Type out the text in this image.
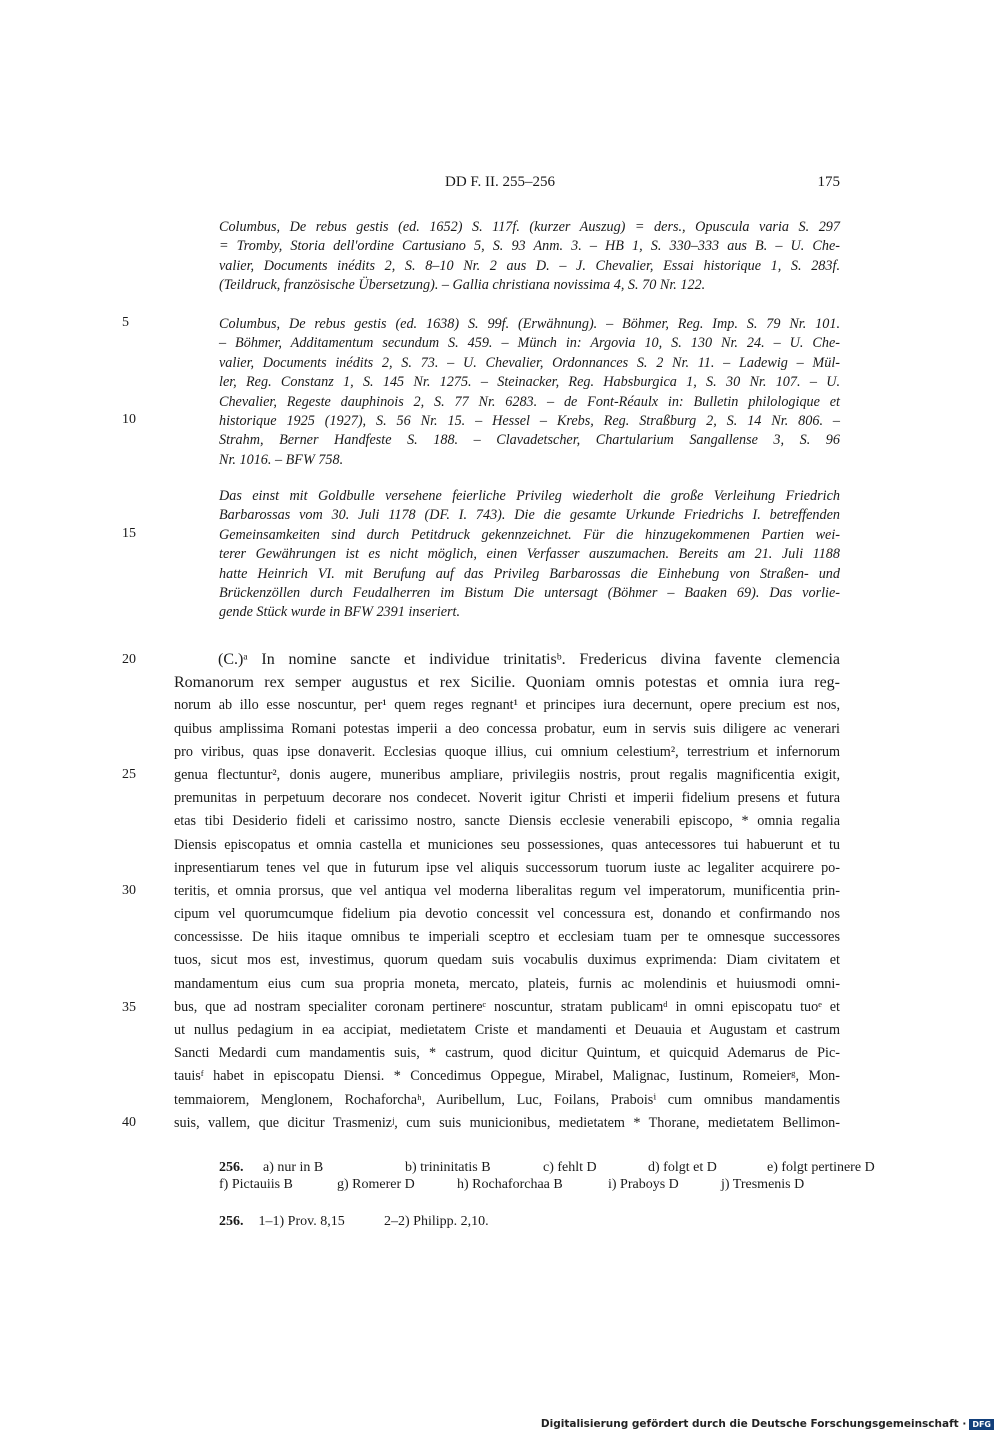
DD F. II. 255–256	175
Columbus, De rebus gestis (ed. 1652) S. 117f. (kurzer Auszug) = ders., Opuscula varia S. 297
= Tromby, Storia dell'ordine Cartusiano 5, S. 93 Anm. 3. – HB 1, S. 330–333 aus B. – U. Che-
valier, Documents inédits 2, S. 8–10 Nr. 2 aus D. – J. Chevalier, Essai historique 1, S. 283f.
(Teildruck, französische Übersetzung). – Gallia christiana novissima 4, S. 70 Nr. 122.
Columbus, De rebus gestis (ed. 1638) S. 99f. (Erwähnung). – Böhmer, Reg. Imp. S. 79 Nr. 101.
– Böhmer, Additamentum secundum S. 459. – Münch in: Argovia 10, S. 130 Nr. 24. – U. Che-
valier, Documents inédits 2, S. 73. – U. Chevalier, Ordonnances S. 2 Nr. 11. – Ladewig – Mül-
ler, Reg. Constanz 1, S. 145 Nr. 1275. – Steinacker, Reg. Habsburgica 1, S. 30 Nr. 107. – U.
Chevalier, Regeste dauphinois 2, S. 77 Nr. 6283. – de Font-Réaulx in: Bulletin philologique et
historique 1925 (1927), S. 56 Nr. 15. – Hessel – Krebs, Reg. Straßburg 2, S. 14 Nr. 806. –
Strahm, Berner Handfeste S. 188. – Clavadetscher, Chartularium Sangallense 3, S. 96
Nr. 1016. – BFW 758.
Das einst mit Goldbulle versehene feierliche Privileg wiederholt die große Verleihung Friedrich
Barbarossas vom 30. Juli 1178 (DF. I. 743). Die die gesamte Urkunde Friedrichs I. betreffenden
Gemeinsamkeiten sind durch Petitdruck gekennzeichnet. Für die hinzugekommenen Partien wei-
terer Gewährungen ist es nicht möglich, einen Verfasser auszumachen. Bereits am 21. Juli 1188
hatte Heinrich VI. mit Berufung auf das Privileg Barbarossas die Einhebung von Straßen- und
Brückenzöllen durch Feudalherren im Bistum Die untersagt (Böhmer – Baaken 69). Das vorlie-
gende Stück wurde in BFW 2391 inseriert.
(C.)ᵃ In nomine sancte et individue trinitatisᵇ. Fredericus divina favente clemencia
Romanorum rex semper augustus et rex Sicilie. Quoniam omnis potestas et omnia iura reg-
norum ab illo esse noscuntur, per¹ quem reges regnant¹ et principes iura decernunt, opere precium est nos,
quibus amplissima Romani potestas imperii a deo concessa probatur, eum in servis suis diligere ac venerari
pro viribus, quas ipse donaverit. Ecclesias quoque illius, cui omnium celestium², terrestrium et infernorum
genua flectuntur², donis augere, muneribus ampliare, privilegiis nostris, prout regalis magnificentia exigit,
premunitas in perpetuum decorare nos condecet. Noverit igitur Christi et imperii fidelium presens et futura
etas tibi Desiderio fideli et carissimo nostro, sancte Diensis ecclesie venerabili episcopo, * omnia regalia
Diensis episcopatus et omnia castella et municiones seu possessiones, quas antecessores tui habuerunt et tu
inpresentiarum tenes vel que in futurum ipse vel aliquis successorum tuorum iuste ac legaliter acquirere po-
teritis, et omnia prorsus, que vel antiqua vel moderna liberalitas regum vel imperatorum, munificentia prin-
cipum vel quorumcumque fidelium pia devotio concessit vel concessura est, donando et confirmando nos
concessisse. De hiis itaque omnibus te imperiali sceptro et ecclesiam tuam per te omnesque successores
tuos, sicut mos est, investimus, quorum quedam suis vocabulis duximus exprimenda: Diam civitatem et
mandamentum eius cum sua propria moneta, mercato, plateis, furnis ac molendinis et huiusmodi omni-
bus, que ad nostram specialiter coronam pertinereᶜ noscuntur, stratam publicamᵈ in omni episcopatu tuoᵉ et
ut nullus pedagium in ea accipiat, medietatem Criste et mandamenti et Deuauia et Augustam et castrum
Sancti Medardi cum mandamentis suis, * castrum, quod dicitur Quintum, et quicquid Ademarus de Pic-
tauisᶠ habet in episcopatu Diensi. * Concedimus Oppegue, Mirabel, Malignac, Iustinum, Romeierᵍ, Mon-
temmaiorem, Menglonem, Rochaforchaʰ, Auribellum, Luc, Foilans, Praboisⁱ cum omnibus mandamentis
suis, vallem, que dicitur Trasmenizʲ, cum suis municionibus, medietatem * Thorane, medietatem Bellimon-
5
10
15
20
25
30
35
40
256.	a) nur in B	b) trininitatis B	c) fehlt D	d) folgt et D	e) folgt pertinere D
f) Pictauiis B	g) Romerer D	h) Rochaforchaa B	i) Praboys D	j) Tresmenis D
256. 1–1) Prov. 8,15	2–2) Philipp. 2,10.
Digitalisierung gefördert durch die Deutsche Forschungsgemeinschaft · DFG
